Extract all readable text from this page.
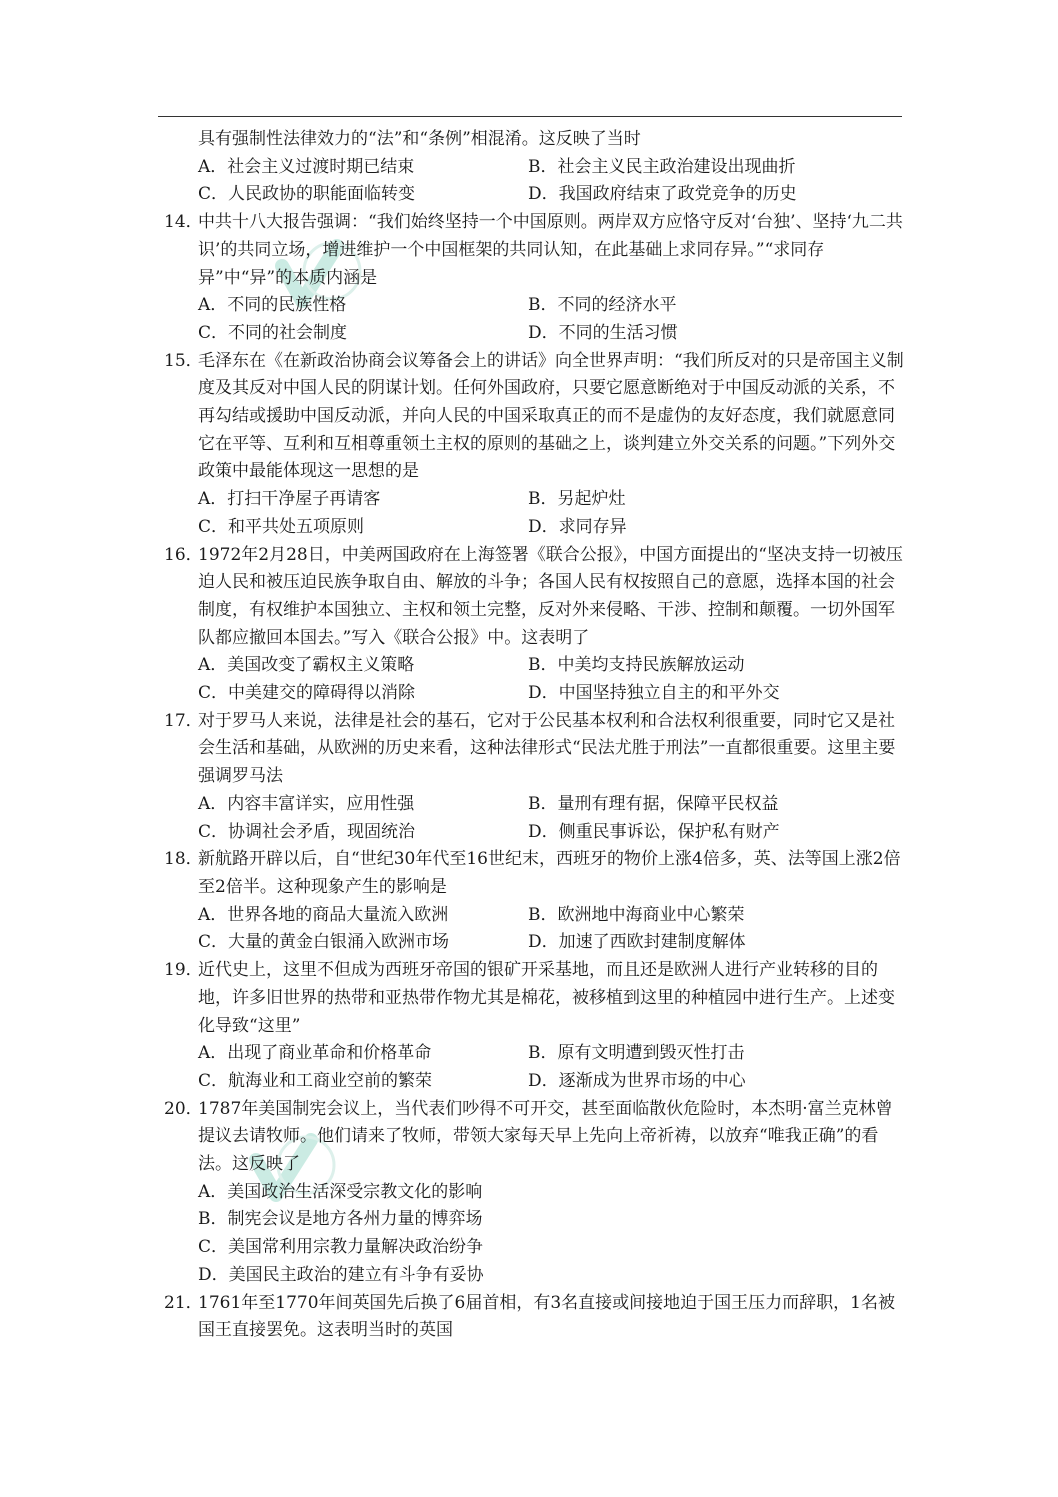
具有强制性法律效力的“法”和“条例”相混淆。这反映了当时
A．社会主义过渡时期已结束	B．社会主义民主政治建设出现曲折
C．人民政协的职能面临转变	D．我国政府结束了政党竞争的历史
14．
中共十八大报告强调：“我们始终坚持一个中国原则。两岸双方应恪守反对‘台独’、坚持‘九二共识’的共同立场，增进维护一个中国框架的共同认知，在此基础上求同存异。”“求同存异”中“异”的本质内涵是
A．不同的民族性格	B．不同的经济水平
C．不同的社会制度	D．不同的生活习惯
15．
毛泽东在《在新政治协商会议筹备会上的讲话》向全世界声明：“我们所反对的只是帝国主义制度及其反对中国人民的阴谋计划。任何外国政府，只要它愿意断绝对于中国反动派的关系，不再勾结或援助中国反动派，并向人民的中国采取真正的而不是虚伪的友好态度，我们就愿意同它在平等、互利和互相尊重领土主权的原则的基础之上，谈判建立外交关系的问题。”下列外交政策中最能体现这一思想的是
A．打扫干净屋子再请客	B．另起炉灶
C．和平共处五项原则	D．求同存异
16．
1972年2月28日，中美两国政府在上海签署《联合公报》，中国方面提出的“坚决支持一切被压迫人民和被压迫民族争取自由、解放的斗争；各国人民有权按照自己的意愿，选择本国的社会制度，有权维护本国独立、主权和领土完整，反对外来侵略、干涉、控制和颠覆。一切外国军队都应撤回本国去。”写入《联合公报》中。这表明了
A．美国改变了霸权主义策略	B．中美均支持民族解放运动
C．中美建交的障碍得以消除	D．中国坚持独立自主的和平外交
17．
对于罗马人来说，法律是社会的基石，它对于公民基本权利和合法权利很重要，同时它又是社会生活和基础，从欧洲的历史来看，这种法律形式“民法尤胜于刑法”一直都很重要。这里主要强调罗马法
A．内容丰富详实，应用性强	B．量刑有理有据，保障平民权益
C．协调社会矛盾，现固统治	D．侧重民事诉讼，保护私有财产
18．
新航路开辟以后，自“世纪30年代至16世纪末，西班牙的物价上涨4倍多，英、法等国上涨2倍至2倍半。这种现象产生的影响是
A．世界各地的商品大量流入欧洲	B．欧洲地中海商业中心繁荣
C．大量的黄金白银涌入欧洲市场	D．加速了西欧封建制度解体
19．
近代史上，这里不但成为西班牙帝国的银矿开采基地，而且还是欧洲人进行产业转移的目的地，许多旧世界的热带和亚热带作物尤其是棉花，被移植到这里的种植园中进行生产。上述变化导致“这里”
A．出现了商业革命和价格革命	B．原有文明遭到毁灭性打击
C．航海业和工商业空前的繁荣	D．逐渐成为世界市场的中心
20．
1787年美国制宪会议上，当代表们吵得不可开交，甚至面临散伙危险时，本杰明·富兰克林曾提议去请牧师。他们请来了牧师，带领大家每天早上先向上帝祈祷，以放弃“唯我正确”的看法。这反映了
A．美国政治生活深受宗教文化的影响
B．制宪会议是地方各州力量的博弈场
C．美国常利用宗教力量解决政治纷争
D．美国民主政治的建立有斗争有妥协
21．
1761年至1770年间英国先后换了6届首相，有3名直接或间接地迫于国王压力而辞职，1名被国王直接罢免。这表明当时的英国
